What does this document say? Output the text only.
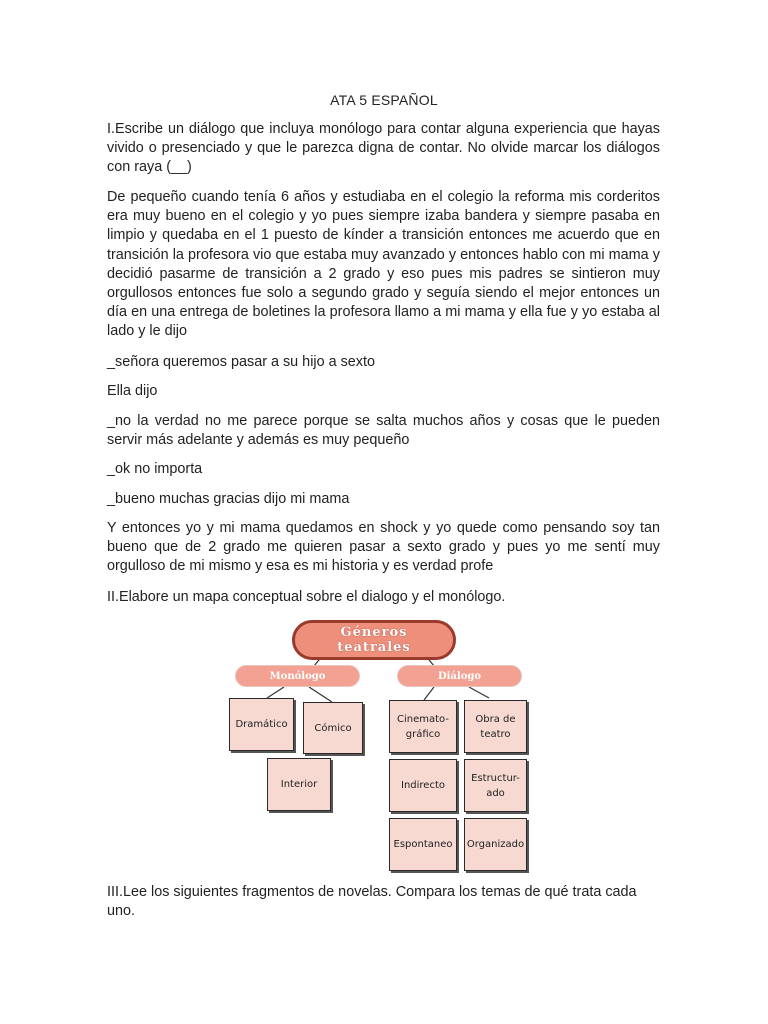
ATA 5 ESPAÑOL

I.Escribe un diálogo que incluya monólogo para contar alguna experiencia que hayas vivido o presenciado y que le parezca digna de contar. No olvide marcar los diálogos con raya (__)

De pequeño cuando tenía 6 años y estudiaba en el colegio la reforma mis corderitos era muy bueno en el colegio y yo pues siempre izaba bandera y siempre pasaba en limpio y quedaba en el 1 puesto de kínder a transición entonces me acuerdo que en transición la profesora vio que estaba muy avanzado y entonces hablo con mi mama y decidió pasarme de transición a 2 grado y eso pues mis padres se sintieron muy orgullosos entonces fue solo a segundo grado y seguía siendo el mejor entonces un día en una entrega de boletines la profesora llamo a mi mama y ella fue y yo estaba al lado y le dijo

_señora queremos pasar a su hijo a sexto

Ella dijo

_no la verdad no me parece porque se salta muchos años y cosas que le pueden servir más adelante y además es muy pequeño

_ok no importa

_bueno muchas gracias dijo mi mama

Y entonces yo y mi mama quedamos en shock y yo quede como pensando soy tan bueno que de 2 grado me quieren pasar a sexto grado y pues yo me sentí muy orgulloso de mi mismo y esa es mi historia y es verdad profe

II.Elabore un mapa conceptual sobre el dialogo y el monólogo.

Géneros
teatrales
Monólogo	Diálogo
Dramático	Cómico
Interior
Cinemato-
gráfico
Obra de
teatro
Indirecto
Estructur-
ado
Espontaneo Organizado

III.Lee los siguientes fragmentos de novelas. Compara los temas de qué trata cada uno.
